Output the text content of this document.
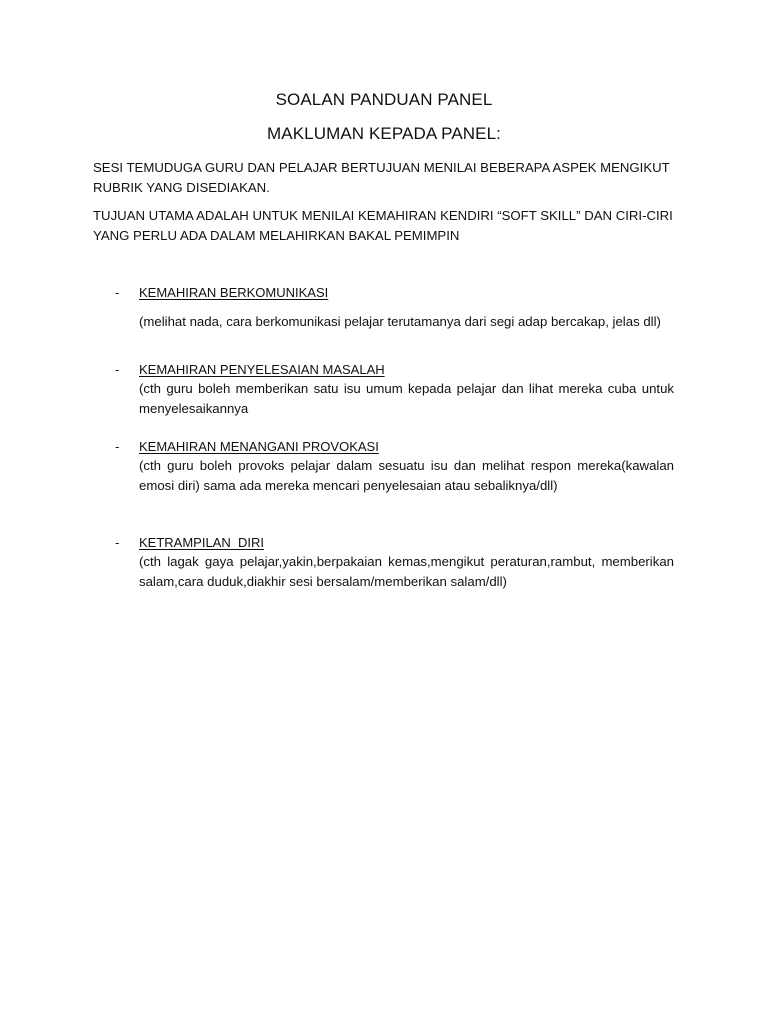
SOALAN PANDUAN PANEL
MAKLUMAN KEPADA PANEL:
SESI TEMUDUGA GURU DAN PELAJAR BERTUJUAN MENILAI BEBERAPA ASPEK MENGIKUT RUBRIK YANG DISEDIAKAN.
TUJUAN UTAMA ADALAH UNTUK MENILAI KEMAHIRAN KENDIRI “SOFT SKILL” DAN CIRI-CIRI YANG PERLU ADA DALAM MELAHIRKAN BAKAL PEMIMPIN
- KEMAHIRAN BERKOMUNIKASI
(melihat nada, cara berkomunikasi pelajar terutamanya dari segi adap bercakap, jelas dll)
- KEMAHIRAN PENYELESAIAN MASALAH
(cth guru boleh memberikan satu isu umum kepada pelajar dan lihat mereka cuba untuk menyelesaikannya
- KEMAHIRAN MENANGANI PROVOKASI
(cth guru boleh provoks pelajar dalam sesuatu isu dan melihat respon mereka(kawalan emosi diri) sama ada mereka mencari penyelesaian atau sebaliknya/dll)
- KETRAMPILAN  DIRI
(cth lagak gaya pelajar,yakin,berpakaian kemas,mengikut peraturan,rambut, memberikan salam,cara duduk,diakhir sesi bersalam/memberikan salam/dll)
